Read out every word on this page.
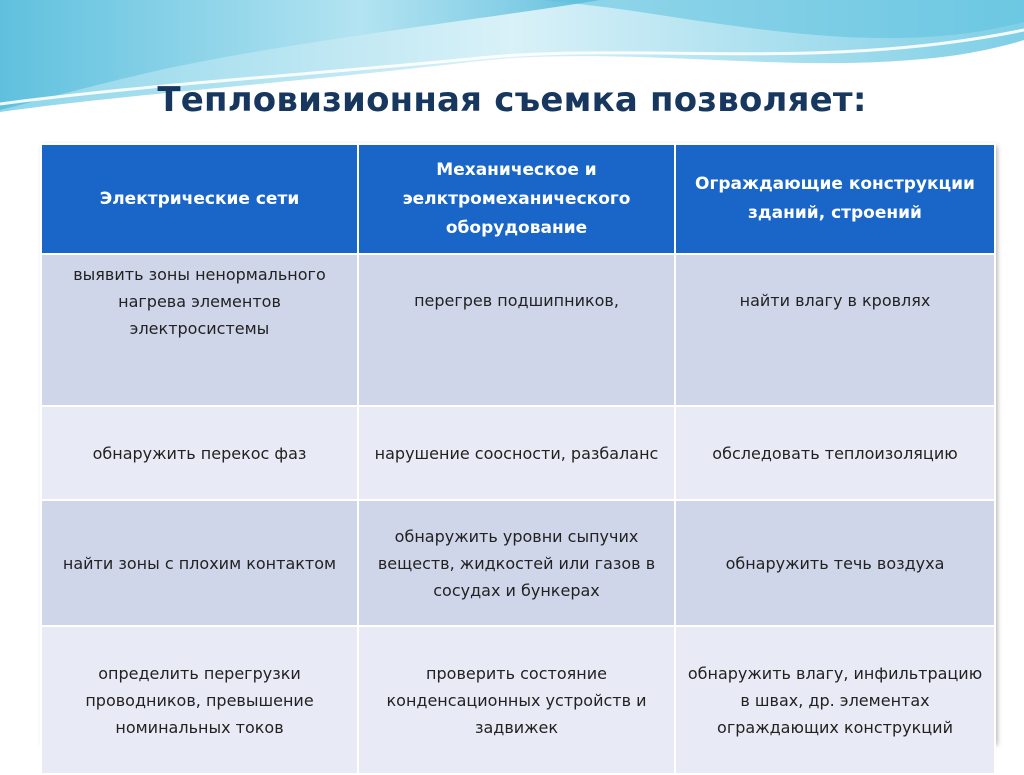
Тепловизионная съемка позволяет:
Электрические сети	Механическое и эелктромеханического оборудование	Ограждающие конструкции зданий, строений
выявить зоны ненормального нагрева элементов электросистемы	перегрев подшипников,	найти влагу в кровлях
обнаружить перекос фаз	нарушение соосности, разбаланс	обследовать теплоизоляцию
найти зоны с плохим контактом	обнаружить уровни сыпучих веществ, жидкостей или газов в сосудах и бункерах	обнаружить течь воздуха
определить перегрузки проводников, превышение номинальных токов	проверить состояние конденсационных устройств и задвижек	обнаружить влагу, инфильтрацию в швах, др. элементах ограждающих конструкций
